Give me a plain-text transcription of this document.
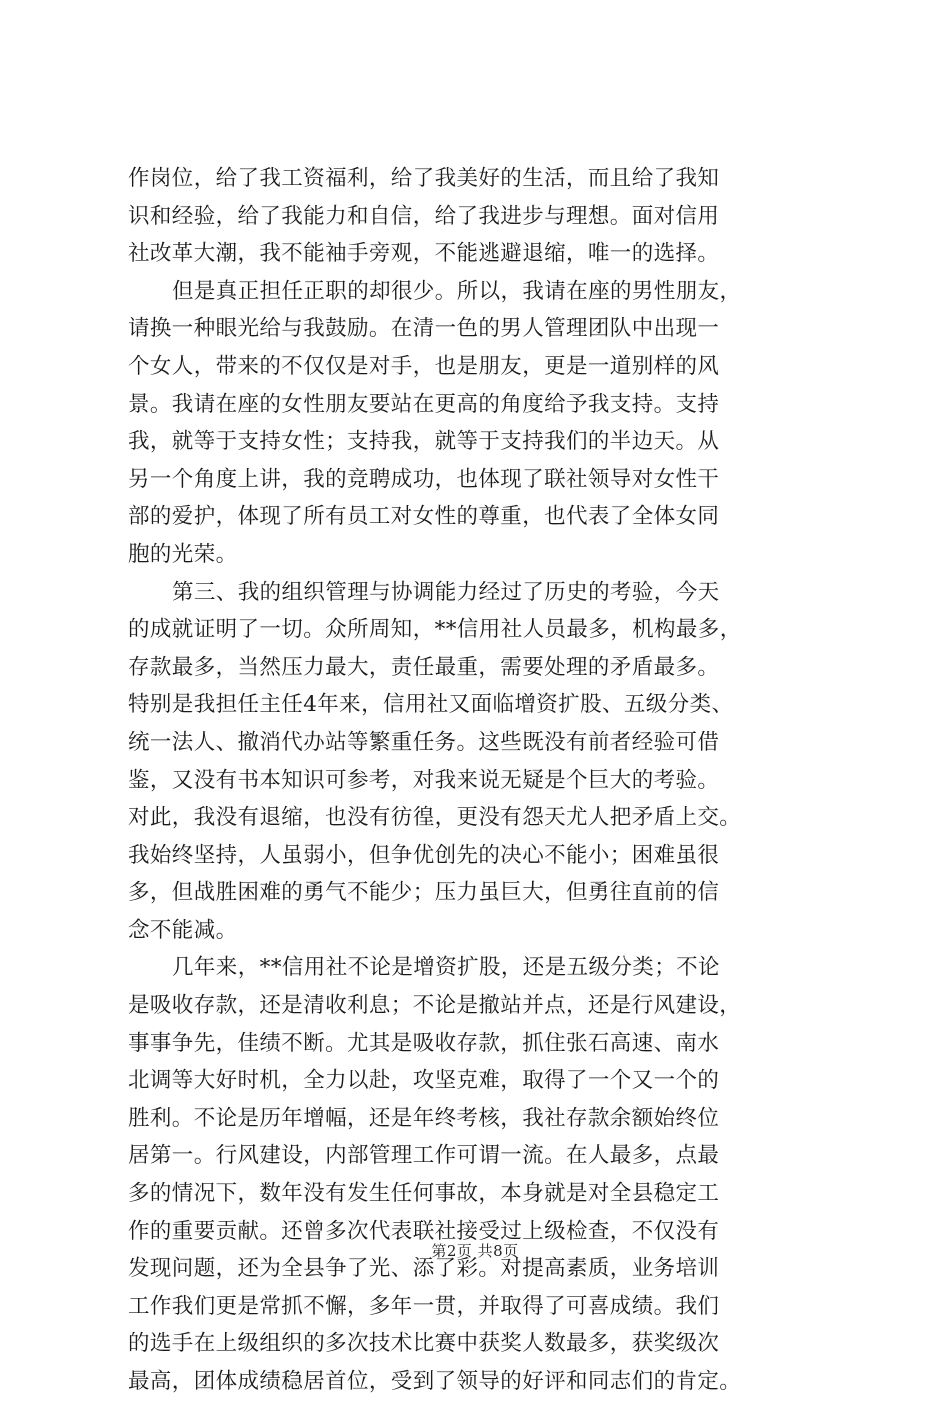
作岗位，给了我工资福利，给了我美好的生活，而且给了我知
识和经验，给了我能力和自信，给了我进步与理想。面对信用
社改革大潮，我不能袖手旁观，不能逃避退缩，唯一的选择。
但是真正担任正职的却很少。所以，我请在座的男性朋友，
请换一种眼光给与我鼓励。在清一色的男人管理团队中出现一
个女人，带来的不仅仅是对手，也是朋友，更是一道别样的风
景。我请在座的女性朋友要站在更高的角度给予我支持。支持
我，就等于支持女性；支持我，就等于支持我们的半边天。从
另一个角度上讲，我的竞聘成功，也体现了联社领导对女性干
部的爱护，体现了所有员工对女性的尊重，也代表了全体女同
胞的光荣。
第三、我的组织管理与协调能力经过了历史的考验，今天
的成就证明了一切。众所周知，**信用社人员最多，机构最多，
存款最多，当然压力最大，责任最重，需要处理的矛盾最多。
特别是我担任主任4年来，信用社又面临增资扩股、五级分类、
统一法人、撤消代办站等繁重任务。这些既没有前者经验可借
鉴，又没有书本知识可参考，对我来说无疑是个巨大的考验。
对此，我没有退缩，也没有彷徨，更没有怨天尤人把矛盾上交。
我始终坚持，人虽弱小，但争优创先的决心不能小；困难虽很
多，但战胜困难的勇气不能少；压力虽巨大，但勇往直前的信
念不能减。
几年来，**信用社不论是增资扩股，还是五级分类；不论
是吸收存款，还是清收利息；不论是撤站并点，还是行风建设，
事事争先，佳绩不断。尤其是吸收存款，抓住张石高速、南水
北调等大好时机，全力以赴，攻坚克难，取得了一个又一个的
胜利。不论是历年增幅，还是年终考核，我社存款余额始终位
居第一。行风建设，内部管理工作可谓一流。在人最多，点最
多的情况下，数年没有发生任何事故，本身就是对全县稳定工
作的重要贡献。还曾多次代表联社接受过上级检查，不仅没有
发现问题，还为全县争了光、添了彩。对提高素质，业务培训
工作我们更是常抓不懈，多年一贯，并取得了可喜成绩。我们
的选手在上级组织的多次技术比赛中获奖人数最多，获奖级次
最高，团体成绩稳居首位，受到了领导的好评和同志们的肯定。
第2页 共8页
